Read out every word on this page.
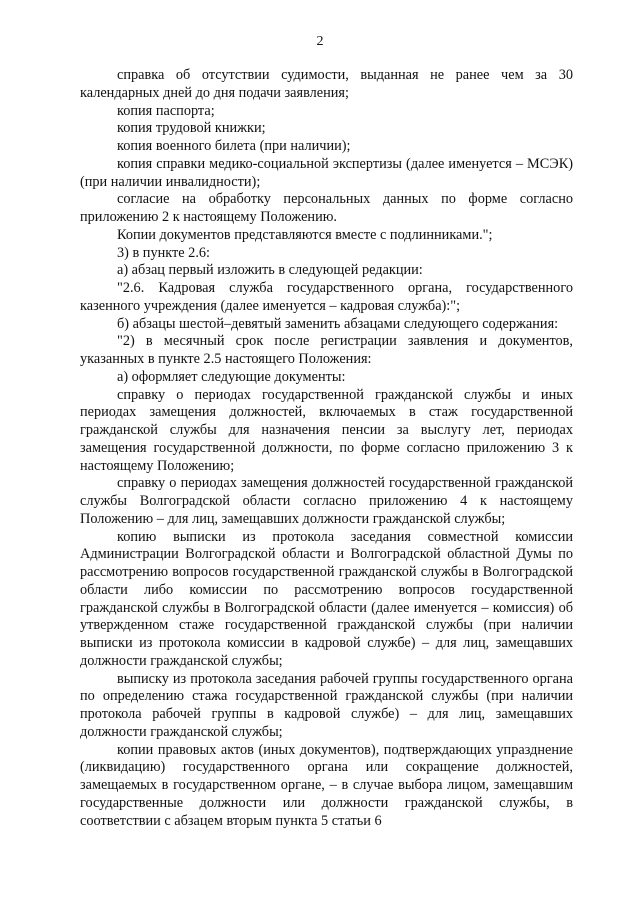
2

справка об отсутствии судимости, выданная не ранее чем за 30 календарных дней до дня подачи заявления;

копия паспорта;

копия трудовой книжки;

копия военного билета (при наличии);

копия справки медико-социальной экспертизы (далее именуется – МСЭК) (при наличии инвалидности);

согласие на обработку персональных данных по форме согласно приложению 2 к настоящему Положению.

Копии документов представляются вместе с подлинниками.";

3) в пункте 2.6:

а) абзац первый изложить в следующей редакции:

"2.6. Кадровая служба государственного органа, государственного казенного учреждения (далее именуется – кадровая служба):";

б) абзацы шестой–девятый заменить абзацами следующего содержания:

"2) в месячный срок после регистрации заявления и документов, указанных в пункте 2.5 настоящего Положения:

а) оформляет следующие документы:

справку о периодах государственной гражданской службы и иных периодах замещения должностей, включаемых в стаж государственной гражданской службы для назначения пенсии за выслугу лет, периодах замещения государственной должности, по форме согласно приложению 3 к настоящему Положению;

справку о периодах замещения должностей государственной гражданской службы Волгоградской области согласно приложению 4 к настоящему Положению – для лиц, замещавших должности гражданской службы;

копию выписки из протокола заседания совместной комиссии Администрации Волгоградской области и Волгоградской областной Думы по рассмотрению вопросов государственной гражданской службы в Волгоградской области либо комиссии по рассмотрению вопросов государственной гражданской службы в Волгоградской области (далее именуется – комиссия) об утвержденном стаже государственной гражданской службы (при наличии выписки из протокола комиссии в кадровой службе) – для лиц, замещавших должности гражданской службы;

выписку из протокола заседания рабочей группы государственного органа по определению стажа государственной гражданской службы (при наличии протокола рабочей группы в кадровой службе) – для лиц, замещавших должности гражданской службы;

копии правовых актов (иных документов), подтверждающих упразднение (ликвидацию) государственного органа или сокращение должностей, замещаемых в государственном органе, – в случае выбора лицом, замещавшим государственные должности или должности гражданской службы, в соответствии с абзацем вторым пункта 5 статьи 6
